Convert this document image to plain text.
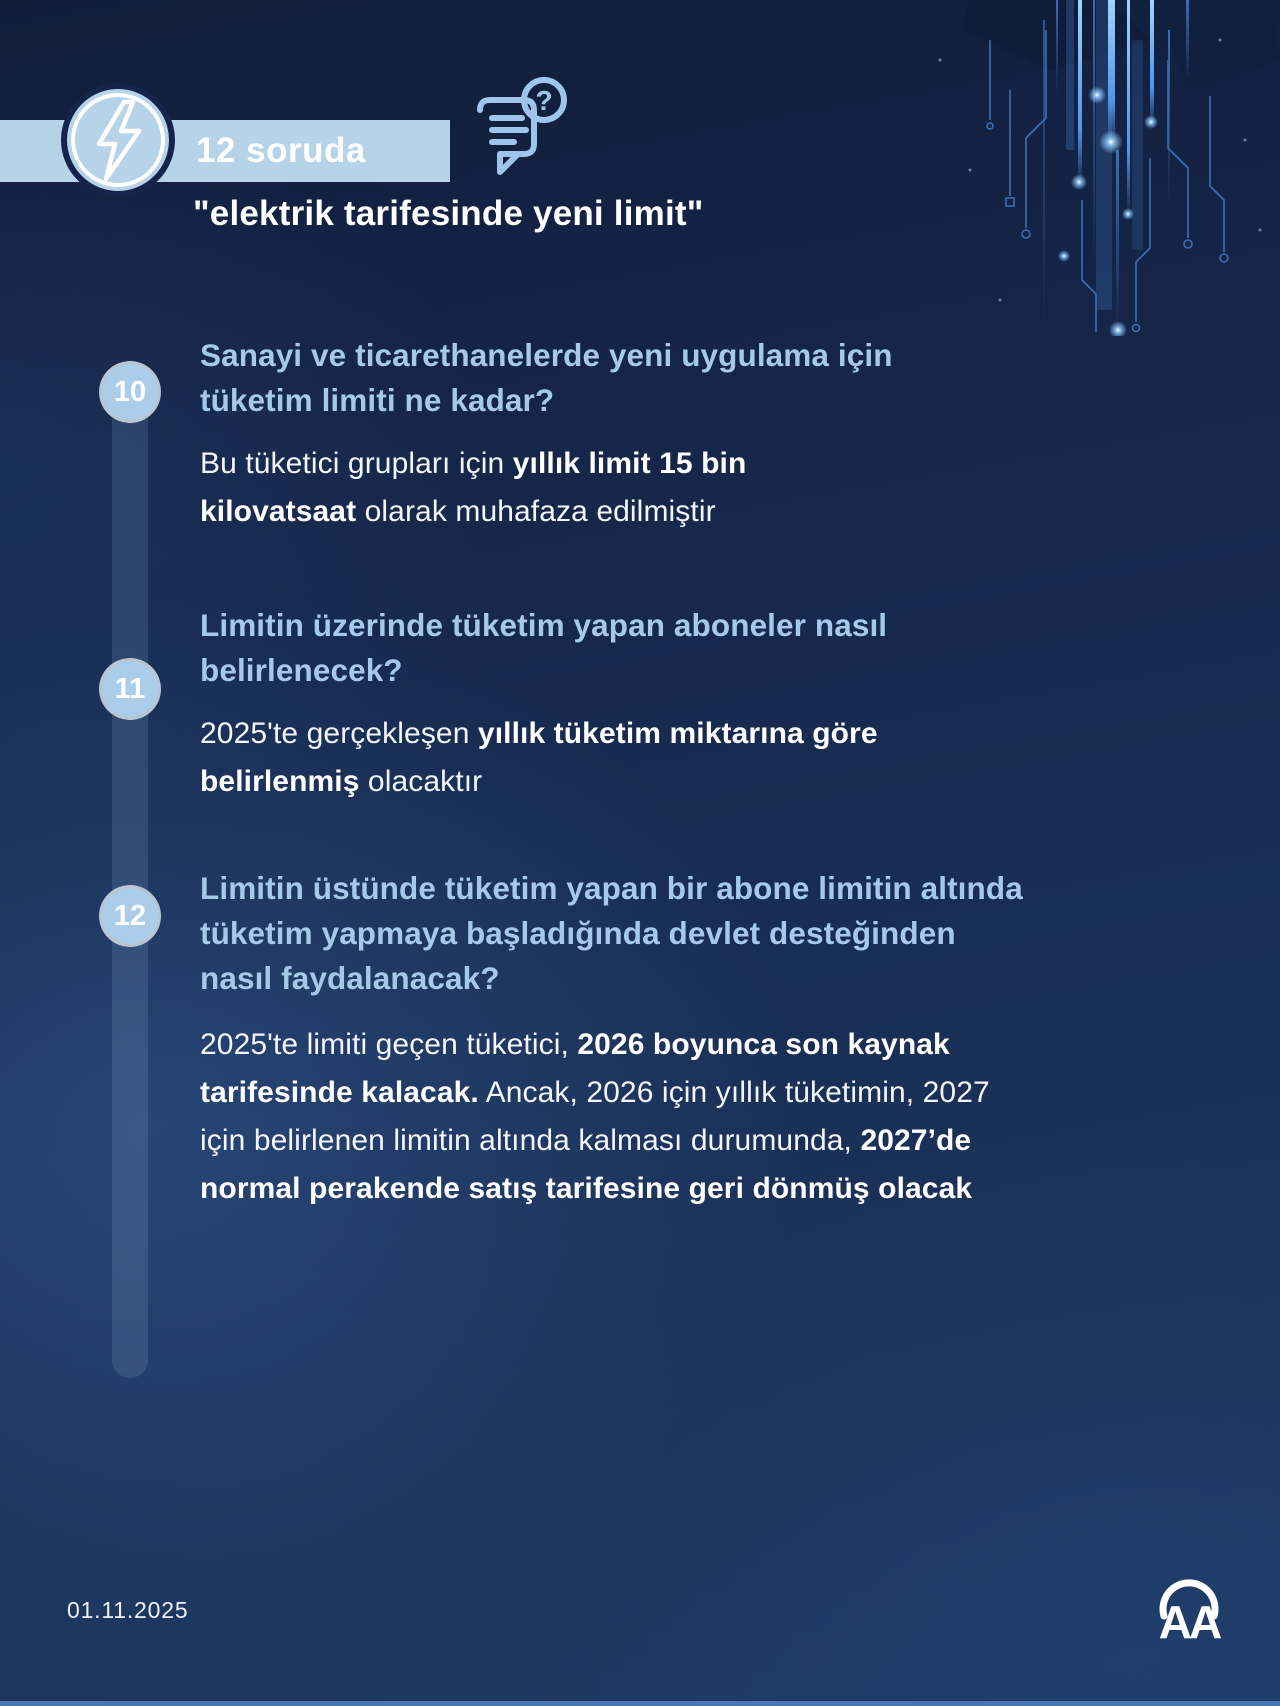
12 soruda
?
"elektrik tarifesinde yeni limit"
10
11
12
Sanayi ve ticarethanelerde yeni uygulama için tüketim limiti ne kadar?
Bu tüketici grupları için yıllık limit 15 bin kilovatsaat olarak muhafaza edilmiştir
Limitin üzerinde tüketim yapan aboneler nasıl belirlenecek?
2025'te gerçekleşen yıllık tüketim miktarına göre belirlenmiş olacaktır
Limitin üstünde tüketim yapan bir abone limitin altında tüketim yapmaya başladığında devlet desteğinden nasıl faydalanacak?
2025'te limiti geçen tüketici, 2026 boyunca son kaynak tarifesinde kalacak. Ancak, 2026 için yıllık tüketimin, 2027 için belirlenen limitin altında kalması durumunda, 2027’de normal perakende satış tarifesine geri dönmüş olacak
01.11.2025	AA
